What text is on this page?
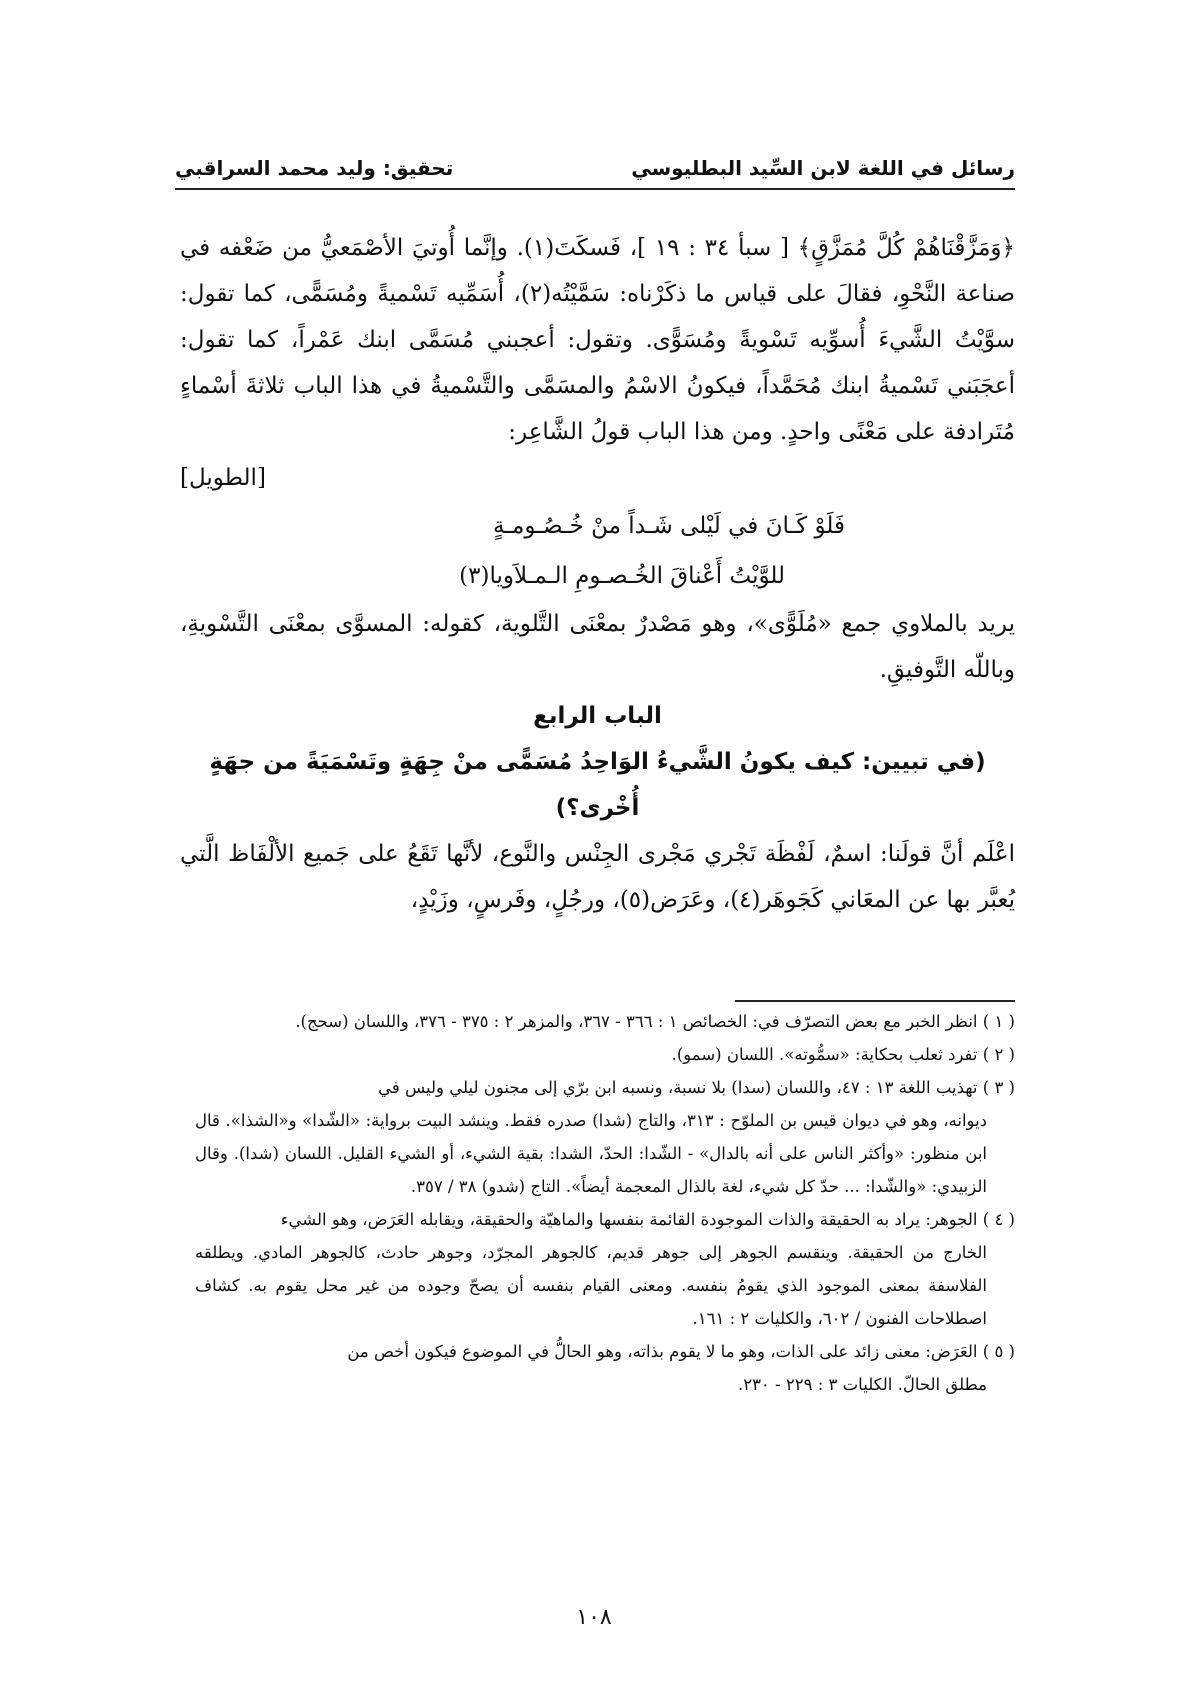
رسائل في اللغة لابن السِّيد البطليوسي
تحقيق: وليد محمد السراقبي

﴿وَمَزَّقْنَاهُمْ كُلَّ مُمَزَّقٍ﴾ [ سبأ ٣٤ : ١٩ ]، فَسكَتَ(١). وإنَّما أُوتيَ الأصْمَعيُّ من ضَعْفه في صناعة النَّحْوِ، فقالَ على قياس ما ذكَرْناه: سَمَّيْتُه(٢)، أُسَمِّيه تَسْميةً ومُسَمًّى، كما تقول: سوَّيْتُ الشَّيءَ أُسوِّيه تَسْويةً ومُسَوًّى. وتقول: أعجبني مُسَمَّى ابنك عَمْراً، كما تقول: أعجَبَني تَسْميةُ ابنك مُحَمَّداً، فيكونُ الاسْمُ والمسَمَّى والتَّسْميةُ في هذا الباب ثلاثةَ أسْماءٍ مُتَرادفة على مَعْنًى واحدٍ. ومن هذا الباب قولُ الشَّاعِر:

[الطويل]

فَلَوْ كَـانَ في لَيْلى شَـداً منْ خُـصُـومـةٍ

للوَّيْتُ أَعْناقَ الخُـصـومِ الـمـلاَويا(٣)

يريد بالملاوي جمع «مُلَوًّى»، وهو مَصْدرٌ بمعْنَى التَّلوية، كقوله: المسوَّى بمعْنَى التَّسْويةِ، وباللّه التَّوفيقِ.

الباب الرابع

(في تبيين: كيف يكونُ الشَّيءُ الوَاحِدُ مُسَمًّى منْ جِهَةٍ وتَسْمَيَةً من جهَةٍ أُخْرى؟)

اعْلَم أنَّ قولَنا: اسمٌ، لَفْظَة تَجْري مَجْرى الجِنْس والنَّوع، لأنَّها تَقَعُ على جَميع الألْفَاظ الَّتي يُعبَّر بها عن المعَاني كَجَوهَر(٤)، وعَرَض(٥)، ورجُلٍ، وفَرسٍ، وزَيْدٍ،

( ١ ) انظر الخبر مع بعض التصرّف في: الخصائص ١ : ٣٦٦ - ٣٦٧، والمزهر ٢ : ٣٧٥ - ٣٧٦، واللسان (سحج).

( ٢ ) تفرد ثعلب بحكاية: «سمُّوته». اللسان (سمو).

( ٣ ) تهذيب اللغة ١٣ : ٤٧، واللسان (سدا) بلا نسبة، ونسبه ابن برّي إلى مجنون ليلي وليس في

ديوانه، وهو في ديوان قيس بن الملوّح : ٣١٣، والتاج (شدا) صدره فقط. وينشد البيت برواية: «الشّدا» و«الشذا». قال ابن منظور: «وأكثر الناس على أنه بالدال» - الشّدا: الحدّ، الشدا: بقية الشيء، أو الشيء القليل. اللسان (شدا). وقال الزبيدي: «والشّدا: ... حدّ كل شيء، لغة بالذال المعجمة أيضاً». التاج (شدو) ٣٨ / ٣٥٧.

( ٤ ) الجوهر: يراد به الحقيقة والذات الموجودة القائمة بنفسها والماهيّة والحقيقة، ويقابله العَرَض، وهو الشيء

الخارج من الحقيقة. وينقسم الجوهر إلى جوهر قديم، كالجوهر المجرّد، وجوهر حادث، كالجوهر المادي. ويطلقه الفلاسفة بمعنى الموجود الذي يقومُ بنفسه. ومعنى القيام بنفسه أن يصحّ وجوده من غير محل يقوم به. كشاف اصطلاحات الفنون / ٦٠٢، والكليات ٢ : ١٦١.

( ٥ ) العَرَض: معنى زائد على الذات، وهو ما لا يقوم بذاته، وهو الحالُّ في الموضوع فيكون أخص من

مطلق الحالّ. الكليات ٣ : ٢٢٩ - ٢٣٠.

١٠٨
